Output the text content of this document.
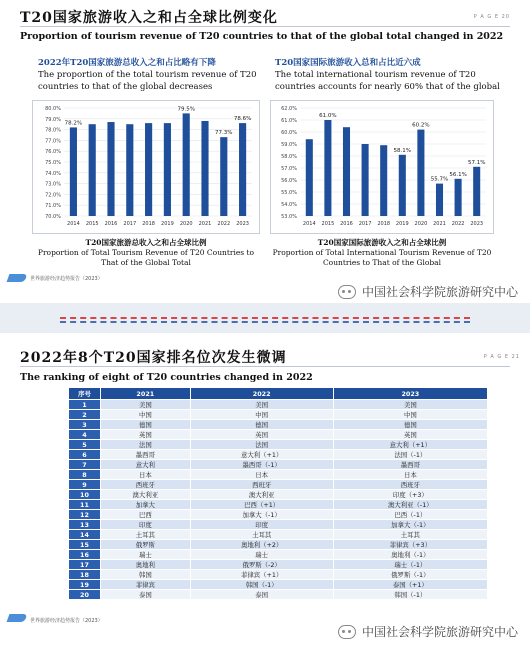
T20国家旅游收入之和占全球比例变化	P A G E 20
Proportion of tourism revenue of T20 countries to that of the global total changed in 2022
2022年T20国家旅游总收入之和占比略有下降
The proportion of the total tourism revenue of T20 countries to that of the global decreases
T20国家国际旅游收入总和占比近六成
The total international tourism revenue of T20 countries accounts for nearly 60% that of the global
70.0%
71.0%
72.0%
73.0%
74.0%
75.0%
76.0%
77.0%
78.0%
79.0%
80.0%
2014
78.2%
2015 2016 2017 2018 2019 2020
79.5%
2021 2022
77.3%
2023
78.6%
53.0%
54.0%
55.0%
56.0%
57.0%
58.0%
59.0%
60.0%
61.0%
62.0%
2014 2015
61.0%
2016 2017 2018 2019
58.1%
2020
60.2%
2021
55.7%
2022
56.1%
2023
57.1%
T20国家旅游总收入之和占全球比例
Proportion of Total Tourism Revenue of T20 Countries to That of the Global Total
T20国家国际旅游收入之和占全球比例
Proportion of Total International Tourism Revenue of T20 Countries to That of the Global
世界旅游经济趋势报告（2023）
中国社会科学院旅游研究中心
2022年8个T20国家排名位次发生微调	P A G E 21
The ranking of eight of T20 countries changed in 2022
序号	2021	2022	2023
1	美国	美国	美国
2	中国	中国	中国
3	德国	德国	德国
4	英国	英国	英国
5	法国	法国	意大利（+1）
6	墨西哥	意大利（+1）	法国（-1）
7	意大利	墨西哥（-1）	墨西哥
8	日本	日本	日本
9	西班牙	西班牙	西班牙
10	澳大利亚	澳大利亚	印度（+3）
11	加拿大	巴西（+1）	澳大利亚（-1）
12	巴西	加拿大（-1）	巴西（-1）
13	印度	印度	加拿大（-1）
14	土耳其	土耳其	土耳其
15	俄罗斯	奥地利（+2）	菲律宾（+3）
16	瑞士	瑞士	奥地利（-1）
17	奥地利	俄罗斯（-2）	瑞士（-1）
18	韩国	菲律宾（+1）	俄罗斯（-1）
19	菲律宾	韩国（-1）	泰国（+1）
20	泰国	泰国	韩国（-1）
世界旅游经济趋势报告（2023）
中国社会科学院旅游研究中心
